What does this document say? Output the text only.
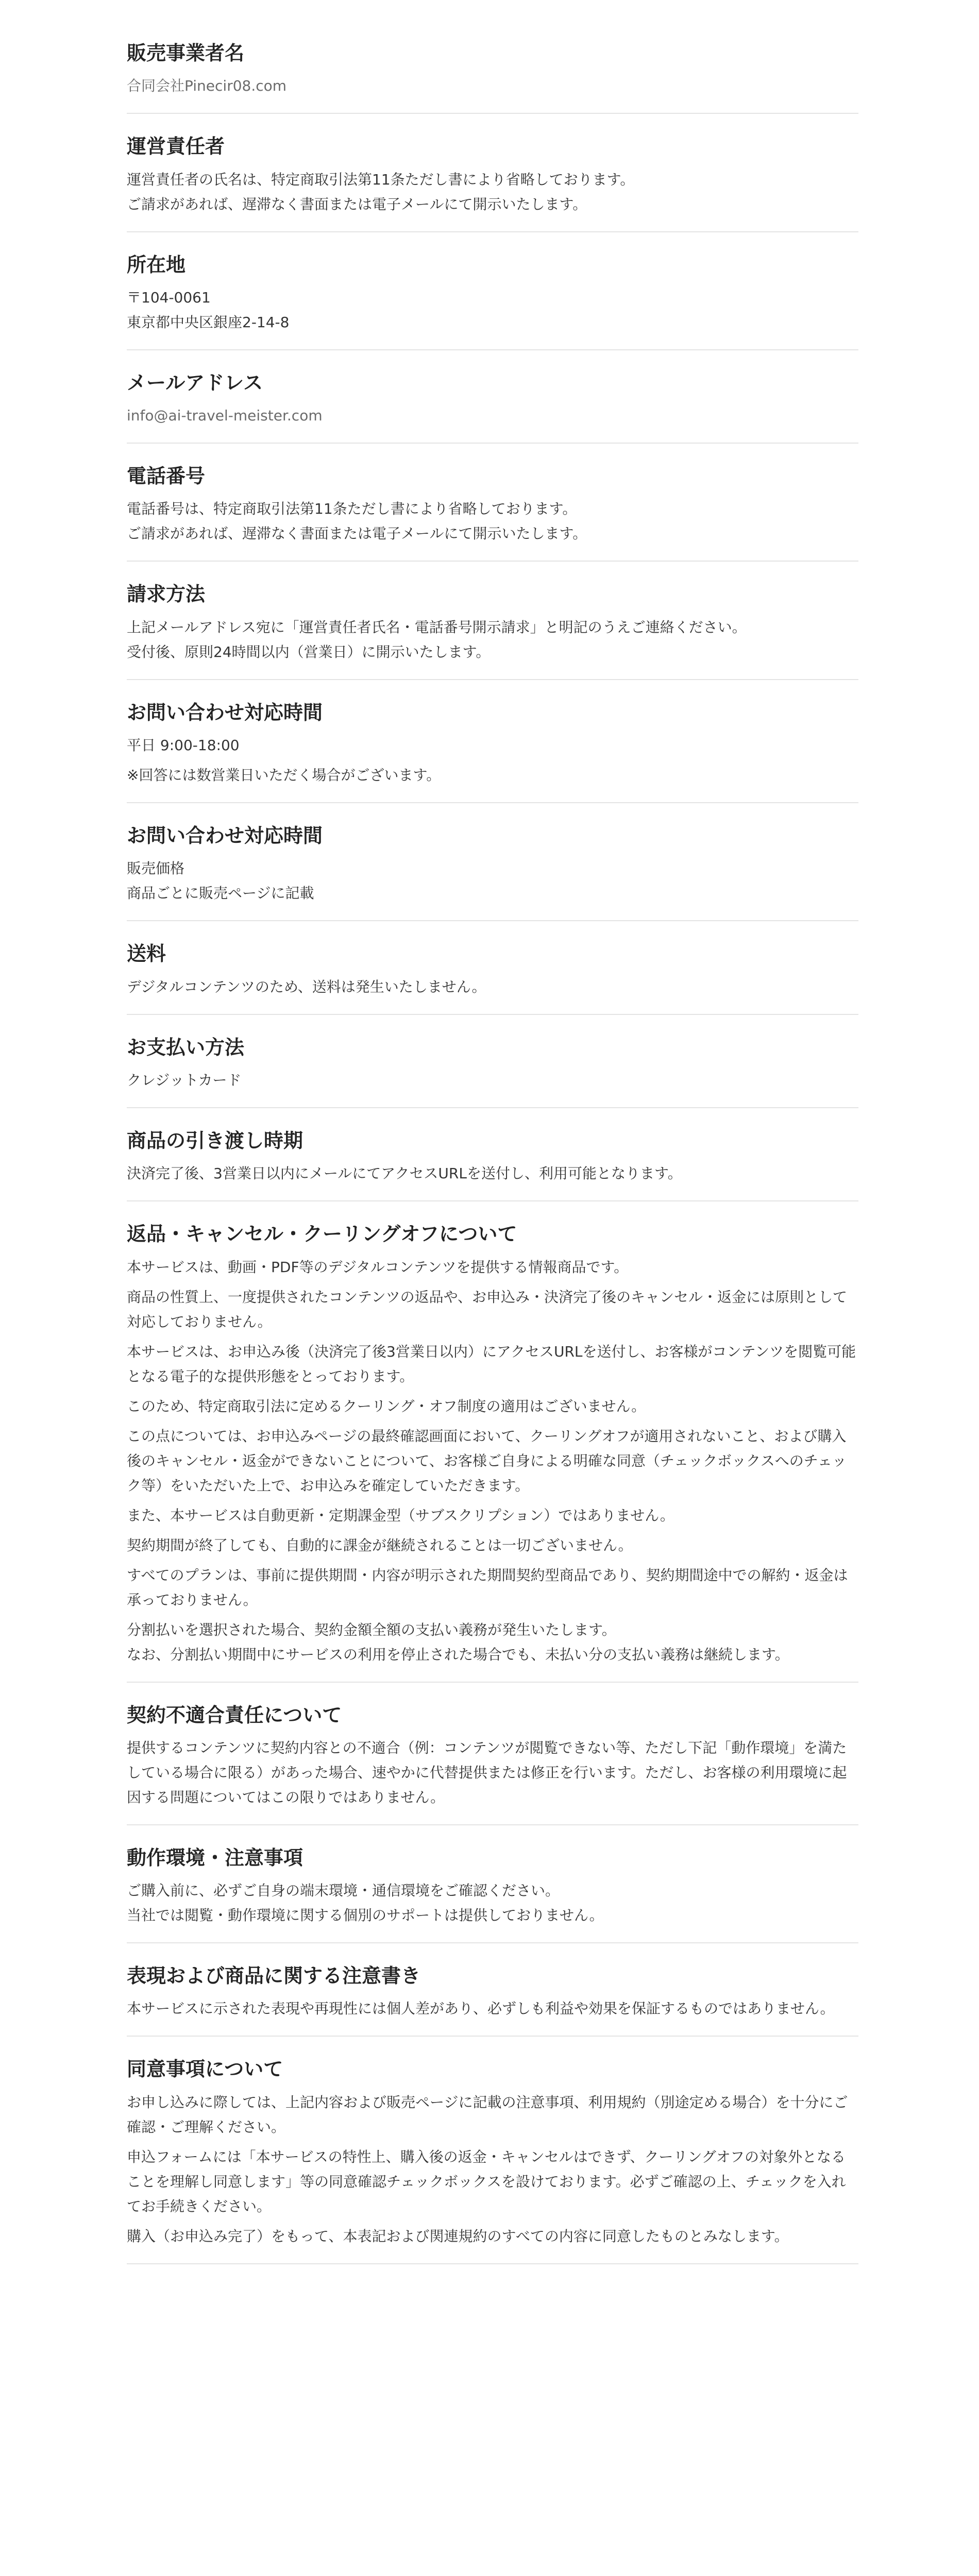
販売事業者名

合同会社Pinecir08.com

運営責任者

運営責任者の氏名は、特定商取引法第11条ただし書により省略しております。

ご請求があれば、遅滞なく書面または電子メールにて開示いたします。

所在地

〒104-0061

東京都中央区銀座2-14-8

メールアドレス

info@ai-travel-meister.com

電話番号

電話番号は、特定商取引法第11条ただし書により省略しております。

ご請求があれば、遅滞なく書面または電子メールにて開示いたします。

請求方法

上記メールアドレス宛に「運営責任者氏名・電話番号開示請求」と明記のうえご連絡ください。

受付後、原則24時間以内（営業日）に開示いたします。

お問い合わせ対応時間

平日 9:00-18:00

※回答には数営業日いただく場合がございます。

お問い合わせ対応時間

販売価格

商品ごとに販売ページに記載

送料

デジタルコンテンツのため、送料は発生いたしません。

お支払い方法

クレジットカード

商品の引き渡し時期

決済完了後、3営業日以内にメールにてアクセスURLを送付し、利用可能となります。

返品・キャンセル・クーリングオフについて

本サービスは、動画・PDF等のデジタルコンテンツを提供する情報商品です。

商品の性質上、一度提供されたコンテンツの返品や、お申込み・決済完了後のキャンセル・返金には原則として対応しておりません。

本サービスは、お申込み後（決済完了後3営業日以内）にアクセスURLを送付し、お客様がコンテンツを閲覧可能となる電子的な提供形態をとっております。

このため、特定商取引法に定めるクーリング・オフ制度の適用はございません。

この点については、お申込みページの最終確認画面において、クーリングオフが適用されないこと、および購入後のキャンセル・返金ができないことについて、お客様ご自身による明確な同意（チェックボックスへのチェック等）をいただいた上で、お申込みを確定していただきます。

また、本サービスは自動更新・定期課金型（サブスクリプション）ではありません。

契約期間が終了しても、自動的に課金が継続されることは一切ございません。

すべてのプランは、事前に提供期間・内容が明示された期間契約型商品であり、契約期間途中での解約・返金は承っておりません。

分割払いを選択された場合、契約金額全額の支払い義務が発生いたします。
なお、分割払い期間中にサービスの利用を停止された場合でも、未払い分の支払い義務は継続します。

契約不適合責任について

提供するコンテンツに契約内容との不適合（例：コンテンツが閲覧できない等、ただし下記「動作環境」を満たしている場合に限る）があった場合、速やかに代替提供または修正を行います。ただし、お客様の利用環境に起因する問題についてはこの限りではありません。

動作環境・注意事項

ご購入前に、必ずご自身の端末環境・通信環境をご確認ください。

当社では閲覧・動作環境に関する個別のサポートは提供しておりません。

表現および商品に関する注意書き

本サービスに示された表現や再現性には個人差があり、必ずしも利益や効果を保証するものではありません。

同意事項について

お申し込みに際しては、上記内容および販売ページに記載の注意事項、利用規約（別途定める場合）を十分にご確認・ご理解ください。

申込フォームには「本サービスの特性上、購入後の返金・キャンセルはできず、クーリングオフの対象外となることを理解し同意します」等の同意確認チェックボックスを設けております。必ずご確認の上、チェックを入れてお手続きください。

購入（お申込み完了）をもって、本表記および関連規約のすべての内容に同意したものとみなします。
